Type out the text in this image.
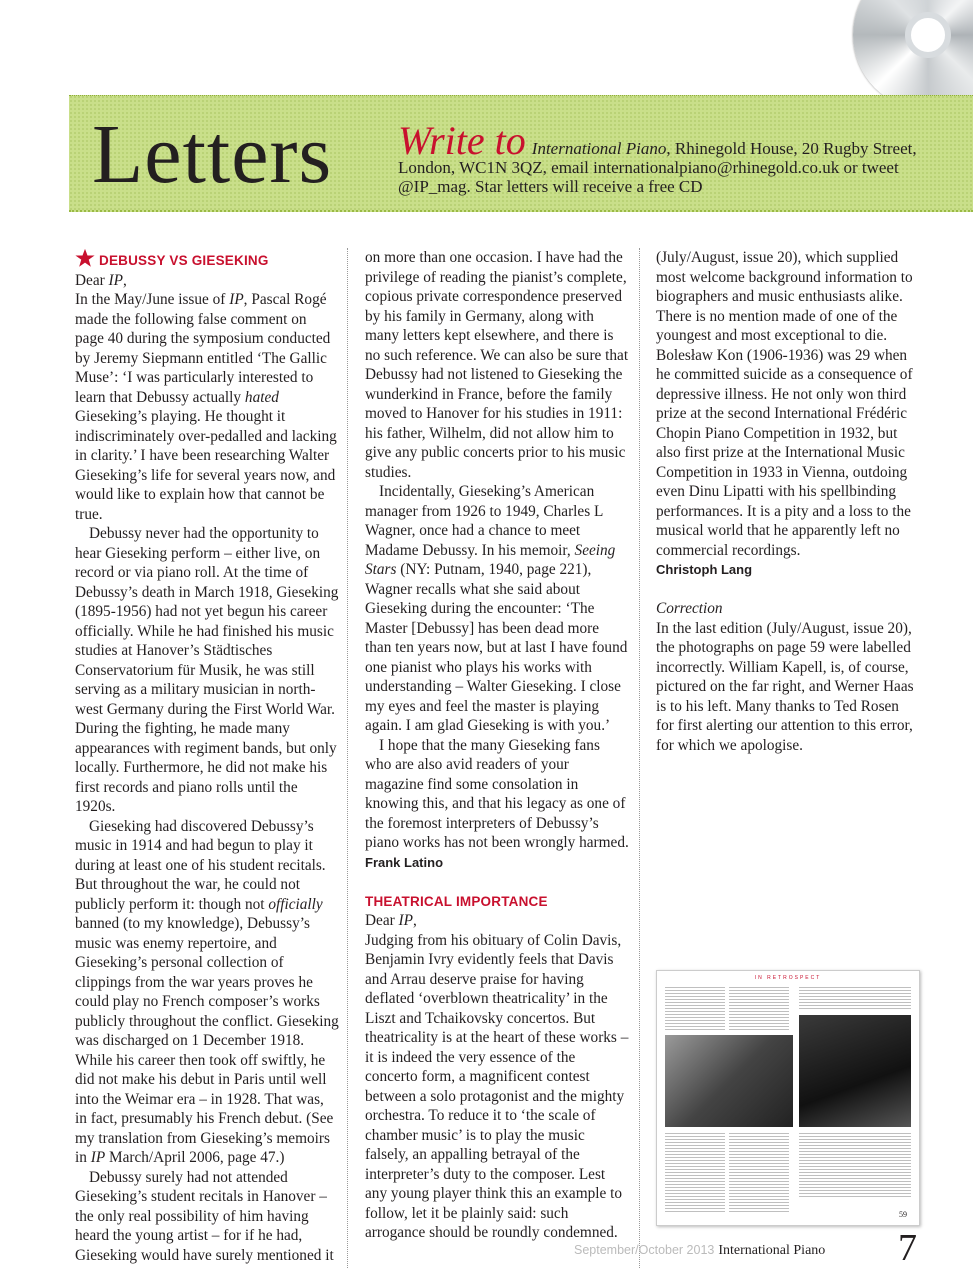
Letters Write to International Piano, Rhinegold House, 20 Rugby Street, London, WC1N 3QZ, email internationalpiano@rhinegold.co.uk or tweet @IP_mag. Star letters will receive a free CD

DEBUSSY VS GIESEKING

Dear IP,

In the May/June issue of IP, Pascal Rogé made the following false comment on page 40 during the symposium conducted by Jeremy Siepmann entitled ‘The Gallic Muse’: ‘I was particularly interested to learn that Debussy actually hated Gieseking’s playing. He thought it indiscriminately over-pedalled and lacking in clarity.’ I have been researching Walter Gieseking’s life for several years now, and would like to explain how that cannot be true.

Debussy never had the opportunity to hear Gieseking perform – either live, on record or via piano roll. At the time of Debussy’s death in March 1918, Gieseking (1895-1956) had not yet begun his career officially. While he had finished his music studies at Hanover’s Städtisches Conservatorium für Musik, he was still serving as a military musician in north-west Germany during the First World War. During the fighting, he made many appearances with regiment bands, but only locally. Furthermore, he did not make his first records and piano rolls until the 1920s.

Gieseking had discovered Debussy’s music in 1914 and had begun to play it during at least one of his student recitals. But throughout the war, he could not publicly perform it: though not officially banned (to my knowledge), Debussy’s music was enemy repertoire, and Gieseking’s personal collection of clippings from the war years proves he could play no French composer’s works publicly throughout the conflict. Gieseking was discharged on 1 December 1918. While his career then took off swiftly, he did not make his debut in Paris until well into the Weimar era – in 1928. That was, in fact, presumably his French debut. (See my translation from Gieseking’s memoirs in IP March/April 2006, page 47.)

Debussy surely had not attended Gieseking’s student recitals in Hanover – the only real possibility of him having heard the young artist – for if he had, Gieseking would have surely mentioned it

on more than one occasion. I have had the privilege of reading the pianist’s complete, copious private correspondence preserved by his family in Germany, along with many letters kept elsewhere, and there is no such reference. We can also be sure that Debussy had not listened to Gieseking the wunderkind in France, before the family moved to Hanover for his studies in 1911: his father, Wilhelm, did not allow him to give any public concerts prior to his music studies.

Incidentally, Gieseking’s American manager from 1926 to 1949, Charles L Wagner, once had a chance to meet Madame Debussy. In his memoir, Seeing Stars (NY: Putnam, 1940, page 221), Wagner recalls what she said about Gieseking during the encounter: ‘The Master [Debussy] has been dead more than ten years now, but at last I have found one pianist who plays his works with understanding – Walter Gieseking. I close my eyes and feel the master is playing again. I am glad Gieseking is with you.’

I hope that the many Gieseking fans who are also avid readers of your magazine find some consolation in knowing this, and that his legacy as one of the foremost interpreters of Debussy’s piano works has not been wrongly harmed.

Frank Latino

THEATRICAL IMPORTANCE

Dear IP,

Judging from his obituary of Colin Davis, Benjamin Ivry evidently feels that Davis and Arrau deserve praise for having deflated ‘overblown theatricality’ in the Liszt and Tchaikovsky concertos. But theatricality is at the heart of these works – it is indeed the very essence of the concerto form, a magnificent contest between a solo protagonist and the mighty orchestra. To reduce it to ‘the scale of chamber music’ is to play the music falsely, an appalling betrayal of the interpreter’s duty to the composer. Lest any young player think this an example to follow, let it be plainly said: such arrogance should be roundly condemned.

(July/August, issue 20), which supplied most welcome background information to biographers and music enthusiasts alike. There is no mention made of one of the youngest and most exceptional to die. Bolesław Kon (1906-1936) was 29 when he committed suicide as a consequence of depressive illness. He not only won third prize at the second International Frédéric Chopin Piano Competition in 1932, but also first prize at the International Music Competition in 1933 in Vienna, outdoing even Dinu Lipatti with his spellbinding performances. It is a pity and a loss to the musical world that he apparently left no commercial recordings.

Christoph Lang

Correction

In the last edition (July/August, issue 20), the photographs on page 59 were labelled incorrectly. William Kapell, is, of course, pictured on the far right, and Werner Haas is to his left. Many thanks to Ted Rosen for first alerting our attention to this error, for which we apologise.

IN RETROSPECT
59
September/October 2013 International Piano 7
